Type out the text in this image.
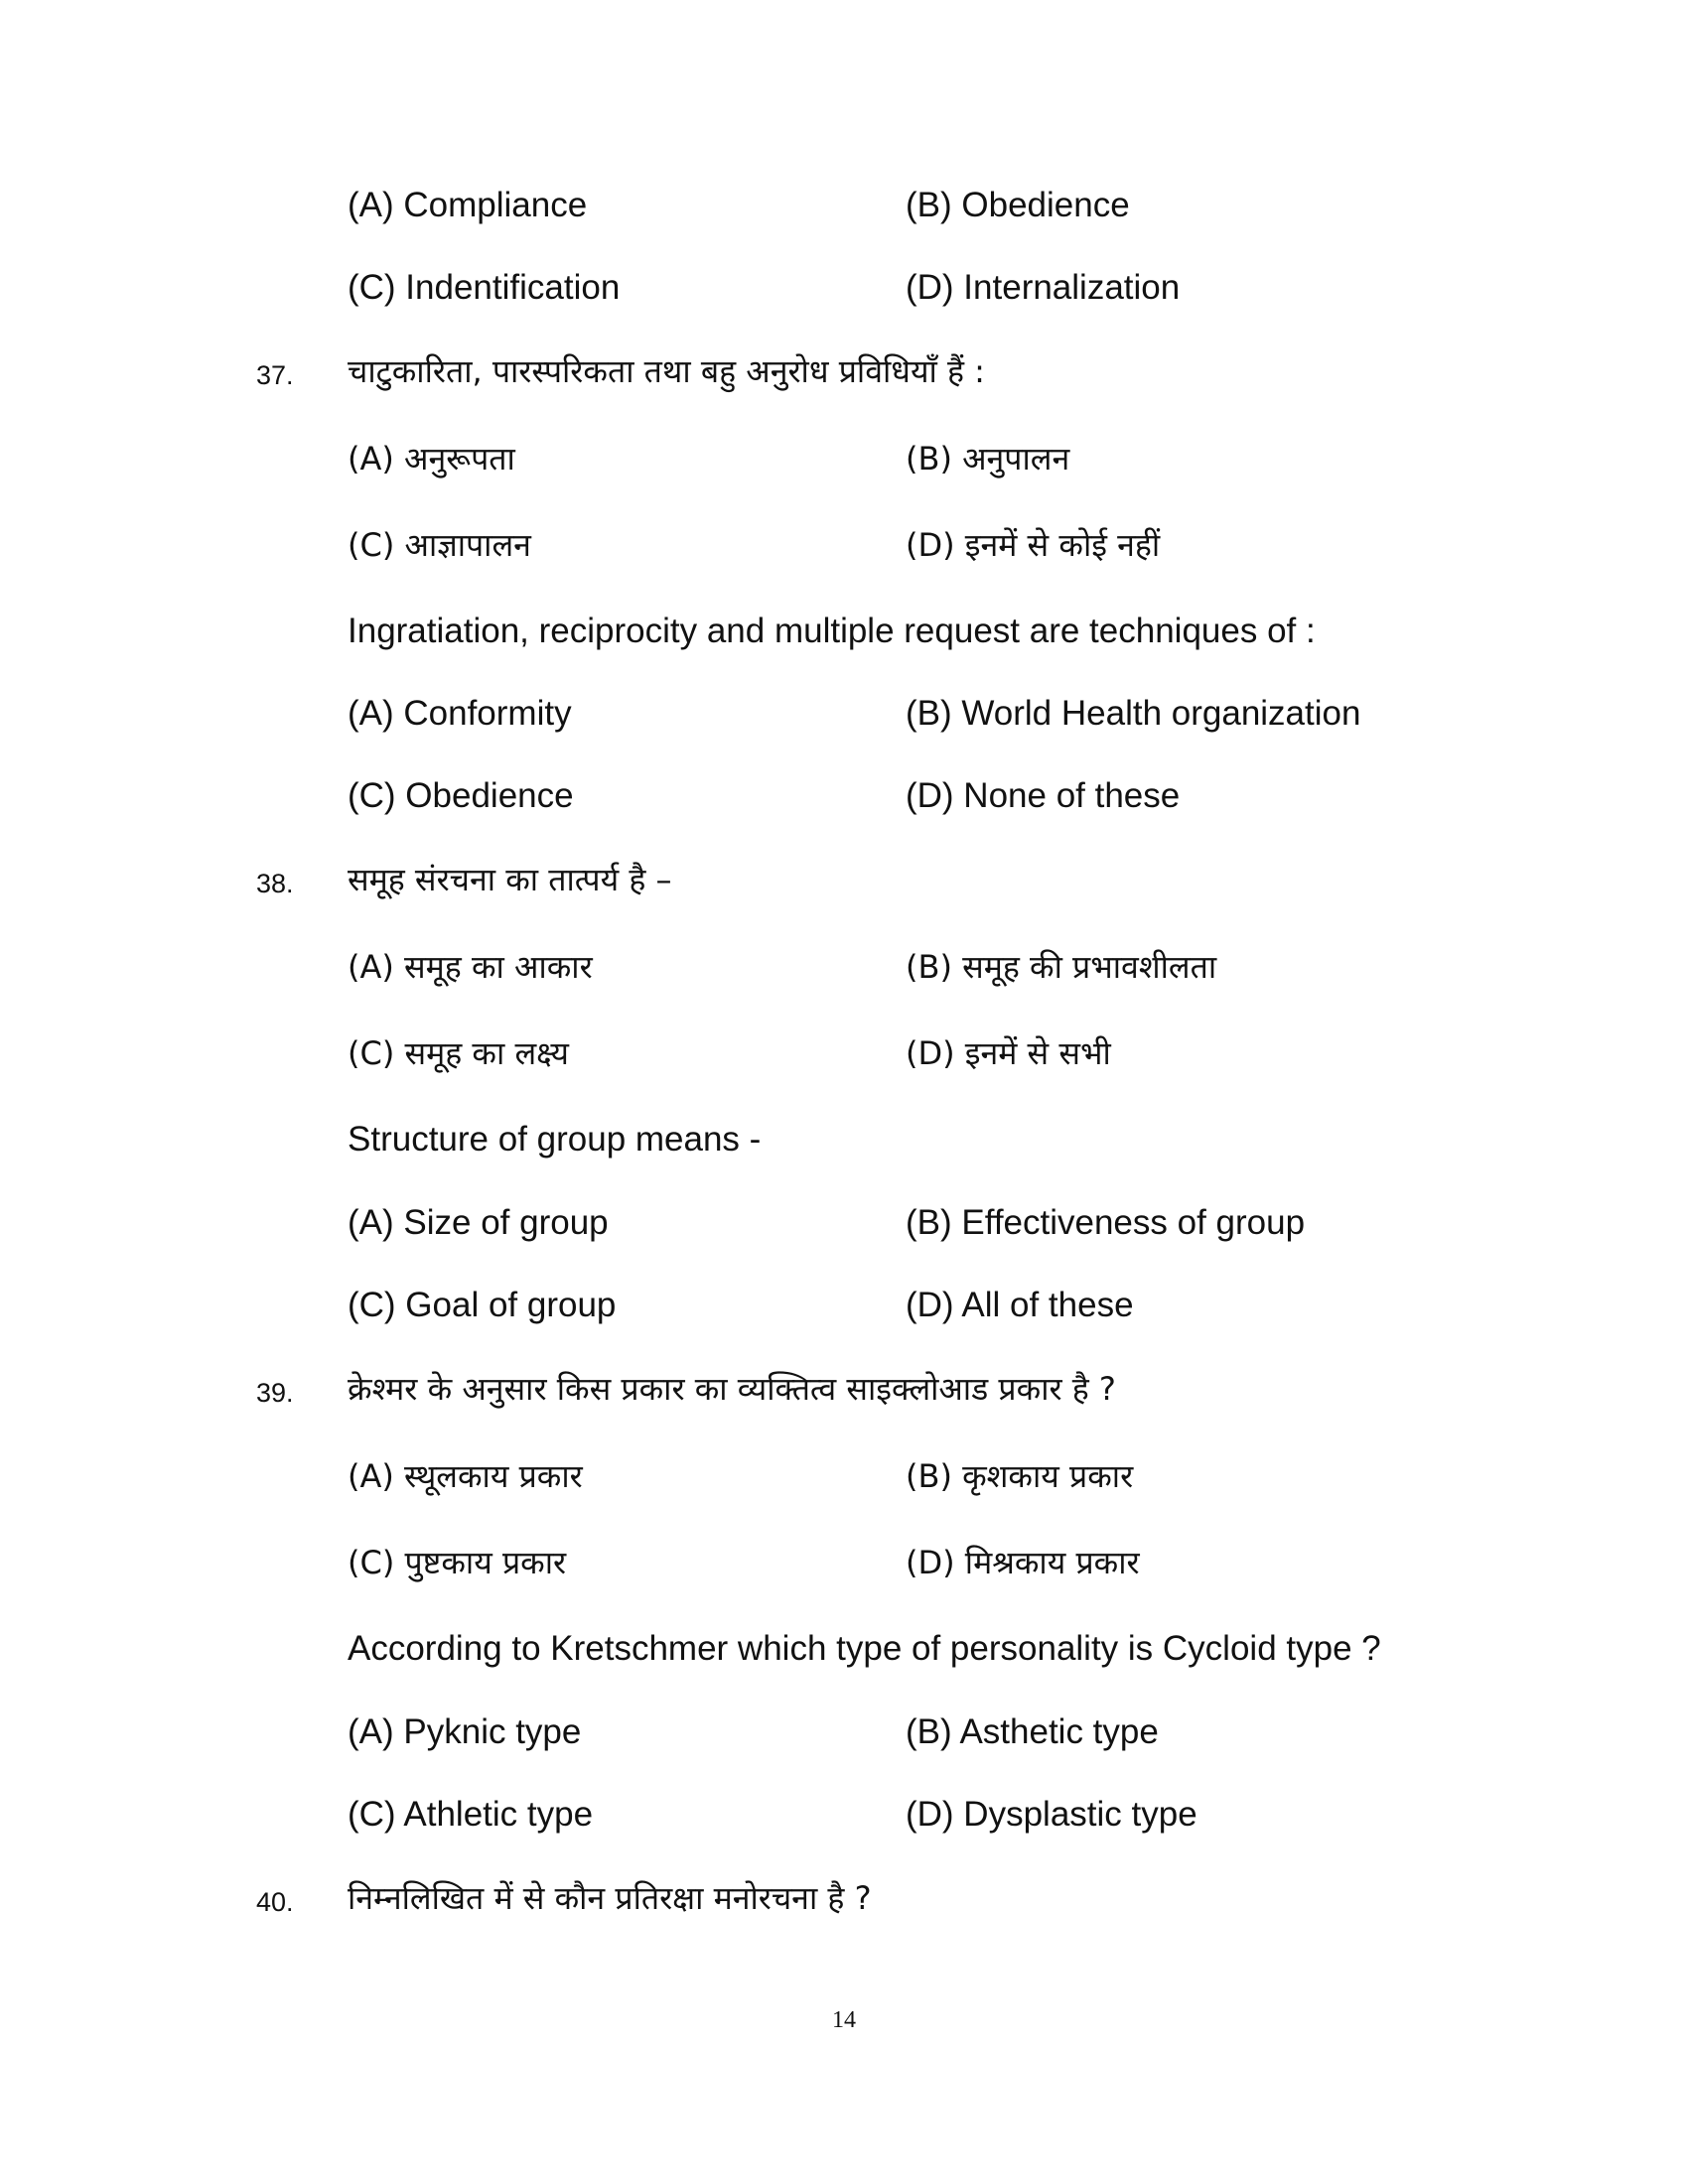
(A) Compliance	(B) Obedience
(C) Indentification	(D) Internalization
37. चाटुकारिता, पारस्परिकता तथा बहु अनुरोध प्रविधियाँ हैं :
(A) अनुरूपता	(B) अनुपालन
(C) आज्ञापालन	(D) इनमें से कोई नहीं
Ingratiation, reciprocity and multiple request are techniques of :
(A) Conformity	(B) World Health organization
(C) Obedience	(D) None of these
38. समूह संरचना का तात्पर्य है –
(A) समूह का आकार	(B) समूह की प्रभावशीलता
(C) समूह का लक्ष्य	(D) इनमें से सभी
Structure of group means -
(A) Size of group	(B) Effectiveness of group
(C) Goal of group	(D) All of these
39. क्रेश्मर के अनुसार किस प्रकार का व्यक्तित्व साइक्लोआड प्रकार है ?
(A) स्थूलकाय प्रकार	(B) कृशकाय प्रकार
(C) पुष्टकाय प्रकार	(D) मिश्रकाय प्रकार
According to Kretschmer which type of personality is Cycloid type ?
(A) Pyknic type	(B) Asthetic type
(C) Athletic type	(D) Dysplastic type
40. निम्नलिखित में से कौन प्रतिरक्षा मनोरचना है ?
14
